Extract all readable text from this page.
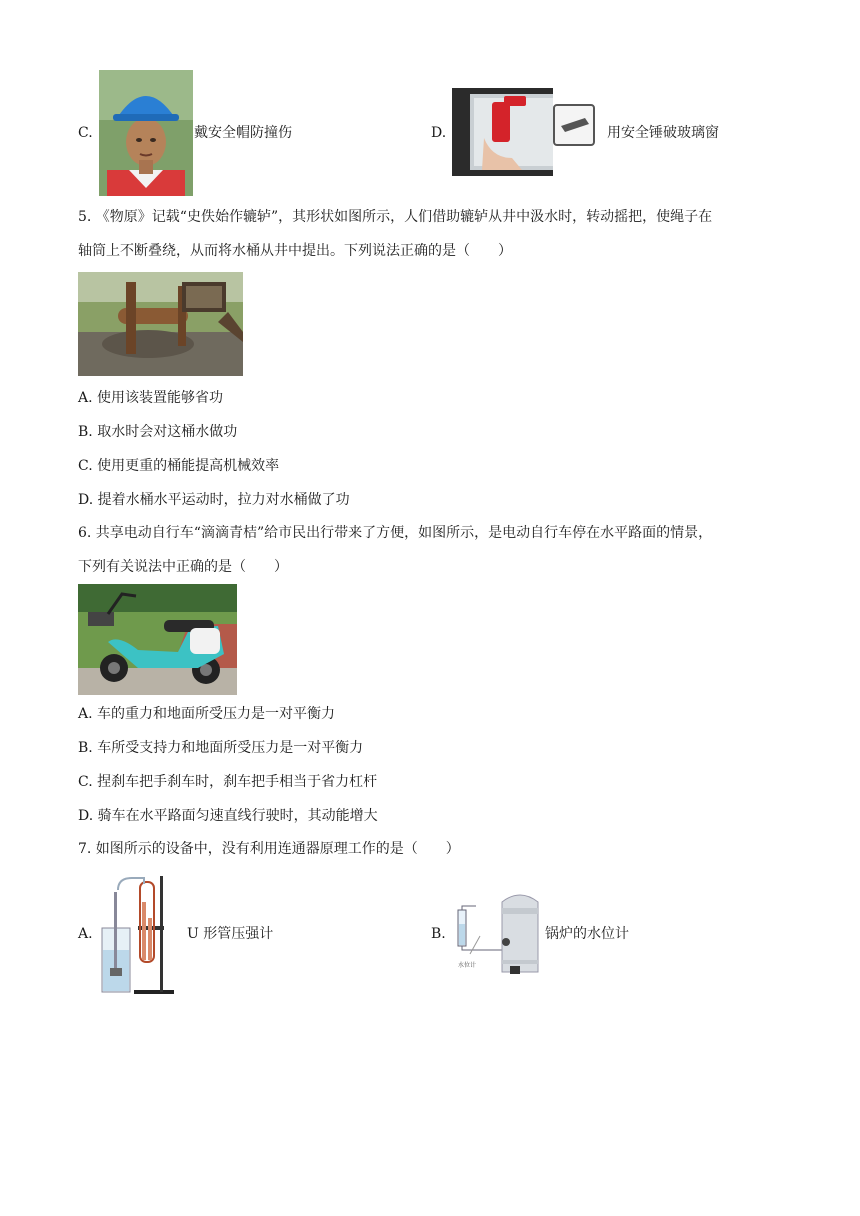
C.	戴安全帽防撞伤	D.	用安全锤破玻璃窗
5. 《物原》记载“史佚始作辘轳”，其形状如图所示，人们借助辘轳从井中汲水时，转动摇把，使绳子在
轴筒上不断叠绕，从而将水桶从井中提出。下列说法正确的是（　　）
A. 使用该装置能够省功
B. 取水时会对这桶水做功
C. 使用更重的桶能提高机械效率
D. 提着水桶水平运动时，拉力对水桶做了功
6. 共享电动自行车“滴滴青桔”给市民出行带来了方便，如图所示，是电动自行车停在水平路面的情景，
下列有关说法中正确的是（　　）
A. 车的重力和地面所受压力是一对平衡力
B. 车所受支持力和地面所受压力是一对平衡力
C. 捏刹车把手刹车时，刹车把手相当于省力杠杆
D. 骑车在水平路面匀速直线行驶时，其动能增大
7. 如图所示的设备中，没有利用连通器原理工作的是（　　）
A.	U 形管压强计	B.
水位计
锅炉的水位计
